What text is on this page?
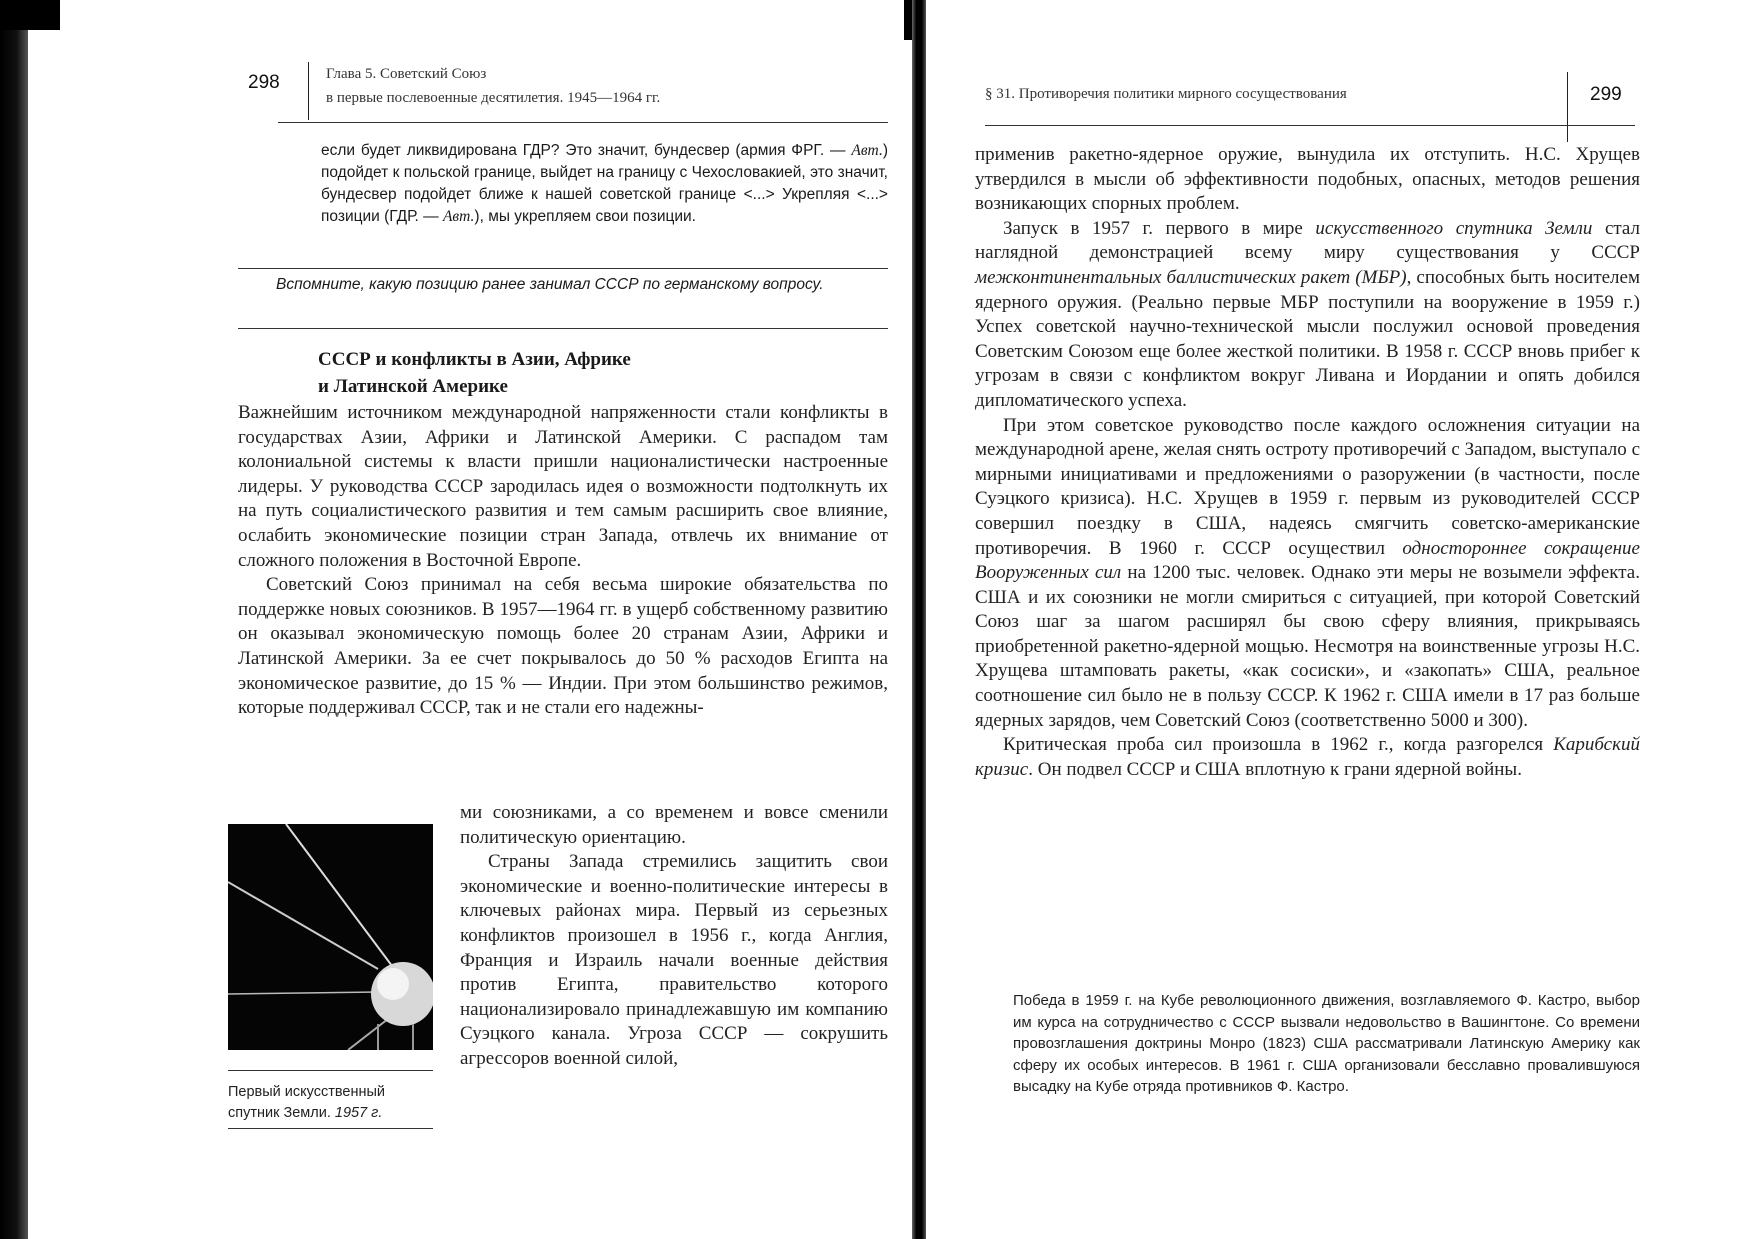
298	Глава 5. Советский Союз
в первые послевоенные десятилетия. 1945—1964 гг.
если будет ликвидирована ГДР? Это значит, бундесвер (армия ФРГ. — Авт.) подойдет к польской границе, выйдет на границу с Чехословакией, это значит, бундесвер подойдет ближе к нашей советской границе <...> Укрепляя <...> позиции (ГДР. — Авт.), мы укрепляем свои позиции.
Вспомните, какую позицию ранее занимал СССР по германскому вопросу.
СССР и конфликты в Азии, Африке
и Латинской Америке

Важнейшим источником международной напряженности стали конфликты в государствах Азии, Африки и Латинской Америки. С распадом там колониальной системы к власти пришли националистически настроенные лидеры. У руководства СССР зародилась идея о возможности подтолкнуть их на путь социалистического развития и тем самым расширить свое влияние, ослабить экономические позиции стран Запада, отвлечь их внимание от сложного положения в Восточной Европе.

Советский Союз принимал на себя весьма широкие обязательства по поддержке новых союзников. В 1957—1964 гг. в ущерб собственному развитию он оказывал экономическую помощь более 20 странам Азии, Африки и Латинской Америки. За ее счет покрывалось до 50 % расходов Египта на экономическое развитие, до 15 % — Индии. При этом большинство режимов, которые поддерживал СССР, так и не стали его надежны-

Первый искусственный спутник Земли. 1957 г.

ми союзниками, а со временем и вовсе сменили политическую ориентацию.

Страны Запада стремились защитить свои экономические и военно-политические интересы в ключевых районах мира. Первый из серьезных конфликтов произошел в 1956 г., когда Англия, Франция и Израиль начали военные действия против Египта, правительство которого национализировало принадлежавшую им компанию Суэцкого канала. Угроза СССР — сокрушить агрессоров военной силой,

§ 31. Противоречия политики мирного сосуществования	299

применив ракетно-ядерное оружие, вынудила их отступить. Н.С. Хрущев утвердился в мысли об эффективности подобных, опасных, методов решения возникающих спорных проблем.

Запуск в 1957 г. первого в мире искусственного спутника Земли стал наглядной демонстрацией всему миру существования у СССР межконтинентальных баллистических ракет (МБР), способных быть носителем ядерного оружия. (Реально первые МБР поступили на вооружение в 1959 г.) Успех советской научно-технической мысли послужил основой проведения Советским Союзом еще более жесткой политики. В 1958 г. СССР вновь прибег к угрозам в связи с конфликтом вокруг Ливана и Иордании и опять добился дипломатического успеха.

При этом советское руководство после каждого осложнения ситуации на международной арене, желая снять остроту противоречий с Западом, выступало с мирными инициативами и предложениями о разоружении (в частности, после Суэцкого кризиса). Н.С. Хрущев в 1959 г. первым из руководителей СССР совершил поездку в США, надеясь смягчить советско-американские противоречия. В 1960 г. СССР осуществил одностороннее сокращение Вооруженных сил на 1200 тыс. человек. Однако эти меры не возымели эффекта. США и их союзники не могли смириться с ситуацией, при которой Советский Союз шаг за шагом расширял бы свою сферу влияния, прикрываясь приобретенной ракетно-ядерной мощью. Несмотря на воинственные угрозы Н.С. Хрущева штамповать ракеты, «как сосиски», и «закопать» США, реальное соотношение сил было не в пользу СССР. К 1962 г. США имели в 17 раз больше ядерных зарядов, чем Советский Союз (соответственно 5000 и 300).

Критическая проба сил произошла в 1962 г., когда разгорелся Карибский кризис. Он подвел СССР и США вплотную к грани ядерной войны.

Победа в 1959 г. на Кубе революционного движения, возглавляемого Ф. Кастро, выбор им курса на сотрудничество с СССР вызвали недовольство в Вашингтоне. Со времени провозглашения доктрины Монро (1823) США рассматривали Латинскую Америку как сферу их особых интересов. В 1961 г. США организовали бесславно провалившуюся высадку на Кубе отряда противников Ф. Кастро.
